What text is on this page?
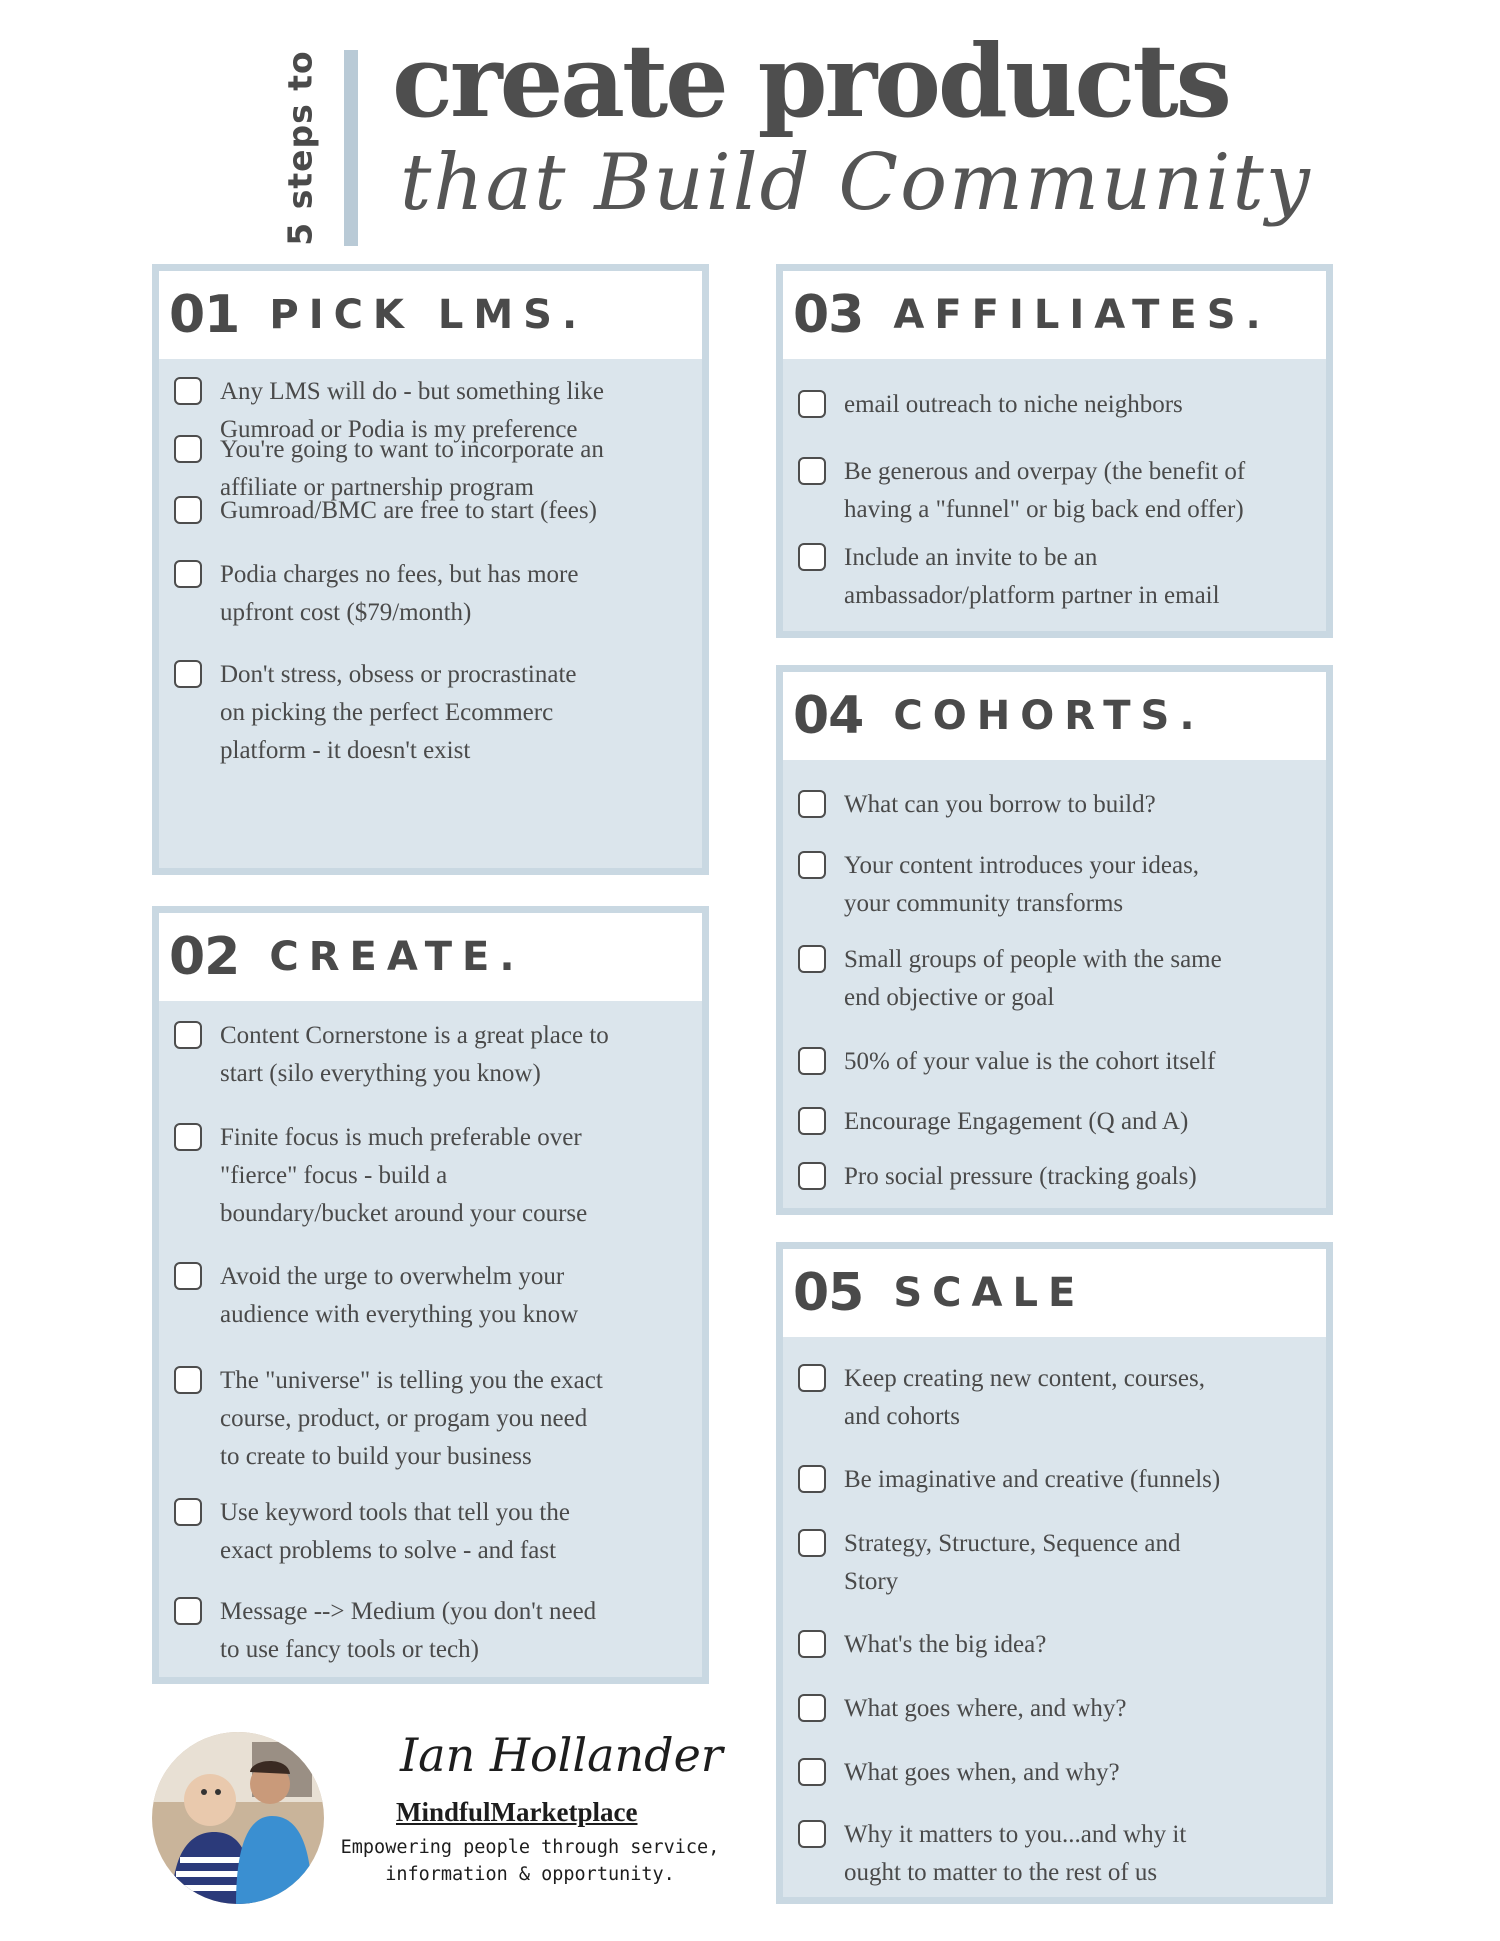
5 steps to create products
that Build Community
01 PICK LMS.
Any LMS will do - but something like
Gumroad or Podia is my preference
You're going to want to incorporate an
affiliate or partnership program
Gumroad/BMC are free to start (fees)
Podia charges no fees, but has more
upfront cost ($79/month)
Don't stress, obsess or procrastinate
on picking the perfect Ecommerc
platform - it doesn't exist
02 CREATE.
Content Cornerstone is a great place to
start (silo everything you know)
Finite focus is much preferable over
"fierce" focus - build a
boundary/bucket around your course
Avoid the urge to overwhelm your
audience with everything you know
The "universe" is telling you the exact
course, product, or progam you need
to create to build your business
Use keyword tools that tell you the
exact problems to solve - and fast
Message --> Medium (you don't need
to use fancy tools or tech)
03 AFFILIATES.
email outreach to niche neighbors
Be generous and overpay (the benefit of
having a "funnel" or big back end offer)
Include an invite to be an
ambassador/platform partner in email
04 COHORTS.
What can you borrow to build?
Your content introduces your ideas,
your community transforms
Small groups of people with the same
end objective or goal
50% of your value is the cohort itself
Encourage Engagement (Q and A)
Pro social pressure (tracking goals)
05 SCALE
Keep creating new content, courses,
and cohorts
Be imaginative and creative (funnels)
Strategy, Structure, Sequence and
Story
What's the big idea?
What goes where, and why?
What goes when, and why?
Why it matters to you...and why it
ought to matter to the rest of us

Ian Hollander

MindfulMarketplace

Empowering people through service,
information & opportunity.
